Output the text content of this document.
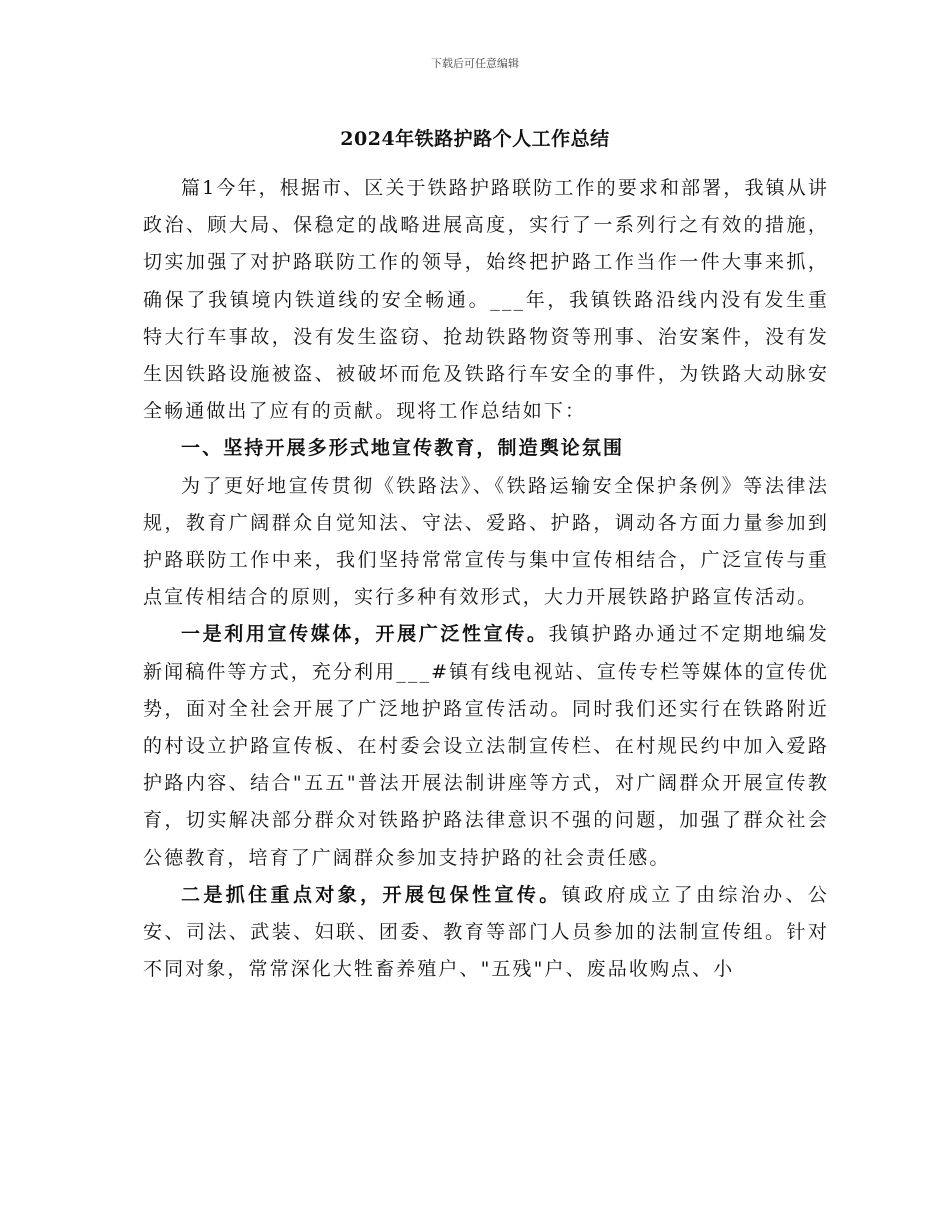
下载后可任意编辑
2024年铁路护路个人工作总结

篇1今年，根据市、区关于铁路护路联防工作的要求和部署，我镇从讲政治、顾大局、保稳定的战略进展高度，实行了一系列行之有效的措施，切实加强了对护路联防工作的领导，始终把护路工作当作一件大事来抓，确保了我镇境内铁道线的安全畅通。___年，我镇铁路沿线内没有发生重特大行车事故，没有发生盗窃、抢劫铁路物资等刑事、治安案件，没有发生因铁路设施被盗、被破坏而危及铁路行车安全的事件，为铁路大动脉安全畅通做出了应有的贡献。现将工作总结如下：

一、坚持开展多形式地宣传教育，制造舆论氛围

为了更好地宣传贯彻《铁路法》、《铁路运输安全保护条例》等法律法规，教育广阔群众自觉知法、守法、爱路、护路，调动各方面力量参加到护路联防工作中来，我们坚持常常宣传与集中宣传相结合，广泛宣传与重点宣传相结合的原则，实行多种有效形式，大力开展铁路护路宣传活动。

一是利用宣传媒体，开展广泛性宣传。我镇护路办通过不定期地编发新闻稿件等方式，充分利用___#镇有线电视站、宣传专栏等媒体的宣传优势，面对全社会开展了广泛地护路宣传活动。同时我们还实行在铁路附近的村设立护路宣传板、在村委会设立法制宣传栏、在村规民约中加入爱路护路内容、结合"五五"普法开展法制讲座等方式，对广阔群众开展宣传教育，切实解决部分群众对铁路护路法律意识不强的问题，加强了群众社会公德教育，培育了广阔群众参加支持护路的社会责任感。

二是抓住重点对象，开展包保性宣传。镇政府成立了由综治办、公安、司法、武装、妇联、团委、教育等部门人员参加的法制宣传组。针对不同对象，常常深化大牲畜养殖户、"五残"户、废品收购点、小
